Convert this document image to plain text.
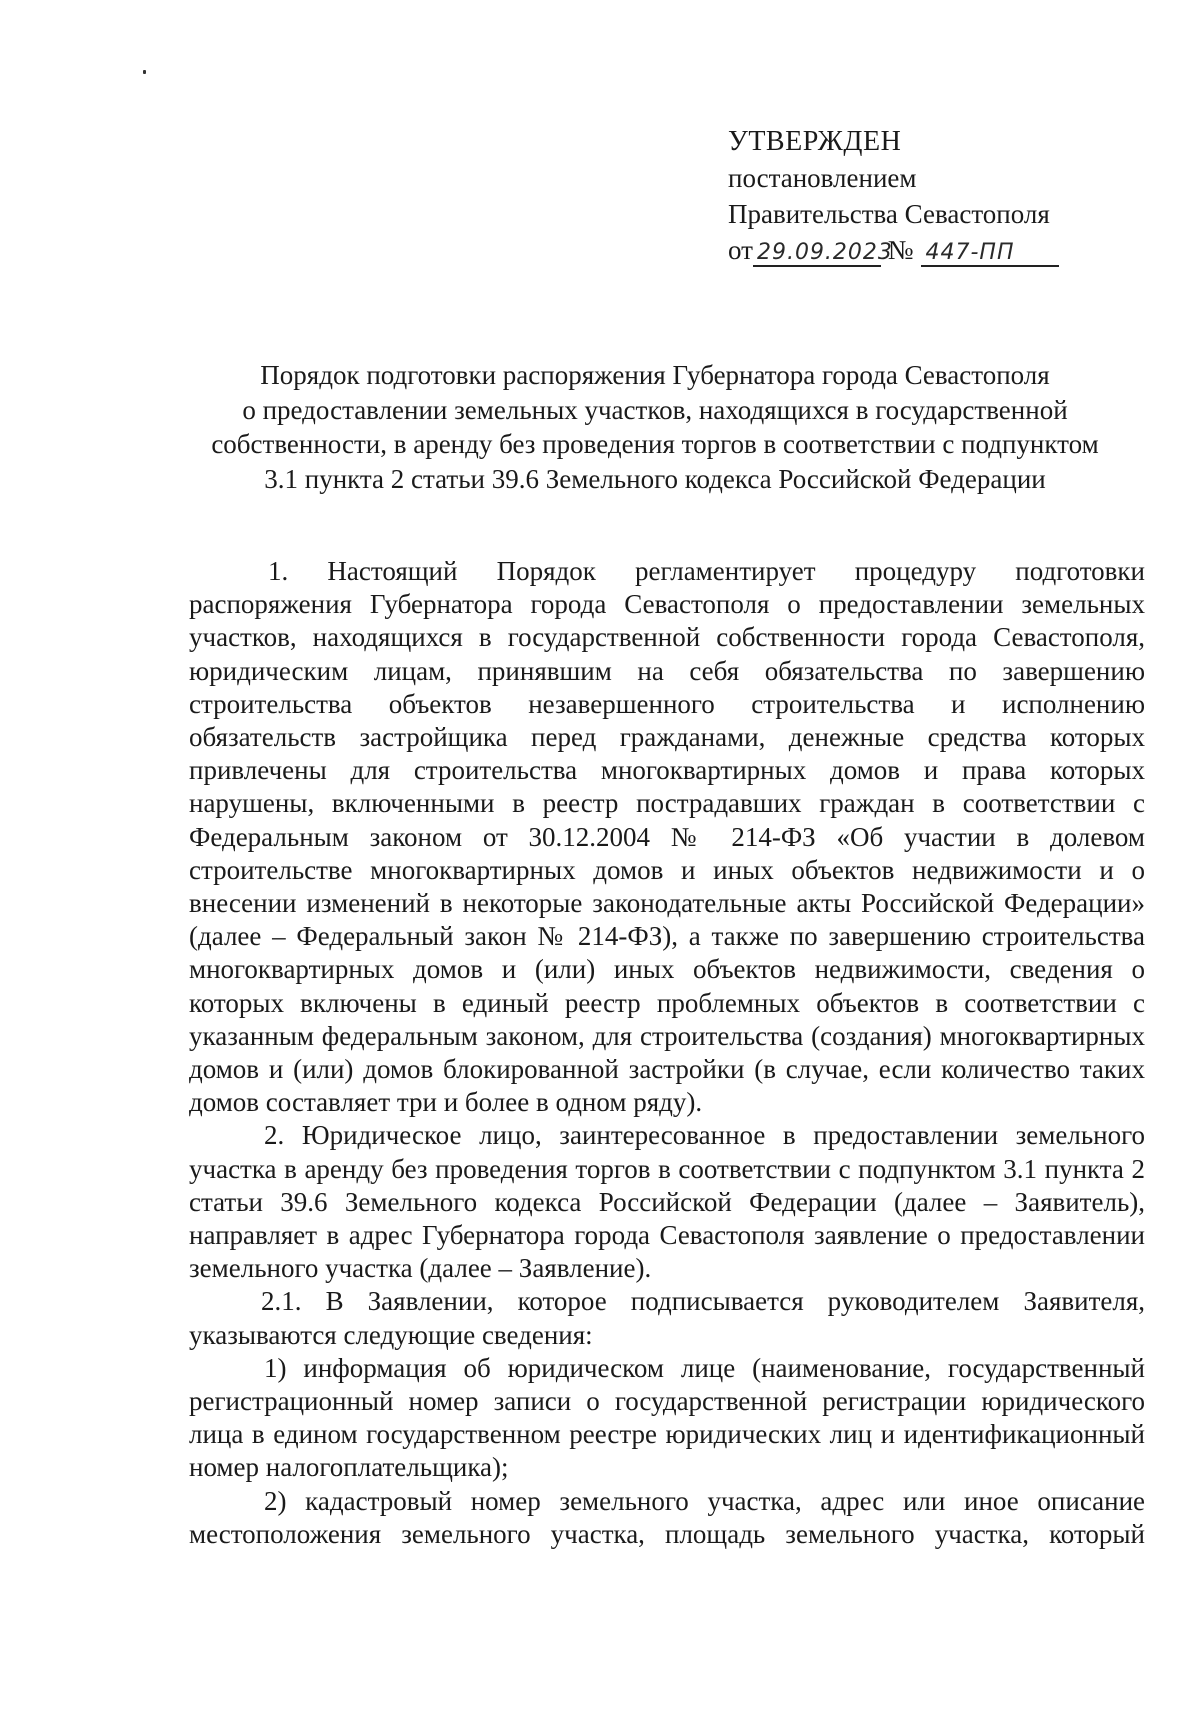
УТВЕРЖДЕН
постановлением
Правительства Севастополя
от 29.09.2023 № 447-ПП
Порядок подготовки распоряжения Губернатора города Севастополя
о предоставлении земельных участков, находящихся в государственной
собственности, в аренду без проведения торгов в соответствии с подпунктом
3.1 пункта 2 статьи 39.6 Земельного кодекса Российской Федерации

1. Настоящий Порядок регламентирует процедуру подготовки распоряжения Губернатора города Севастополя о предоставлении земельных участков, находящихся в государственной собственности города Севастополя, юридическим лицам, принявшим на себя обязательства по завершению строительства объектов незавершенного строительства и исполнению обязательств застройщика перед гражданами, денежные средства которых привлечены для строительства многоквартирных домов и права которых нарушены, включенными в реестр пострадавших граждан в соответствии с Федеральным законом от 30.12.2004 № 214-ФЗ «Об участии в долевом строительстве многоквартирных домов и иных объектов недвижимости и о внесении изменений в некоторые законодательные акты Российской Федерации» (далее – Федеральный закон № 214-ФЗ), а также по завершению строительства многоквартирных домов и (или) иных объектов недвижимости, сведения о которых включены в единый реестр проблемных объектов в соответствии с указанным федеральным законом, для строительства (создания) многоквартирных домов и (или) домов блокированной застройки (в случае, если количество таких домов составляет три и более в одном ряду).

2. Юридическое лицо, заинтересованное в предоставлении земельного участка в аренду без проведения торгов в соответствии с подпунктом 3.1 пункта 2 статьи 39.6 Земельного кодекса Российской Федерации (далее – Заявитель), направляет в адрес Губернатора города Севастополя заявление о предоставлении земельного участка (далее – Заявление).

2.1. В Заявлении, которое подписывается руководителем Заявителя, указываются следующие сведения:

1) информация об юридическом лице (наименование, государственный регистрационный номер записи о государственной регистрации юридического лица в едином государственном реестре юридических лиц и идентификационный номер налогоплательщика);

2) кадастровый номер земельного участка, адрес или иное описание местоположения земельного участка, площадь земельного участка, который
